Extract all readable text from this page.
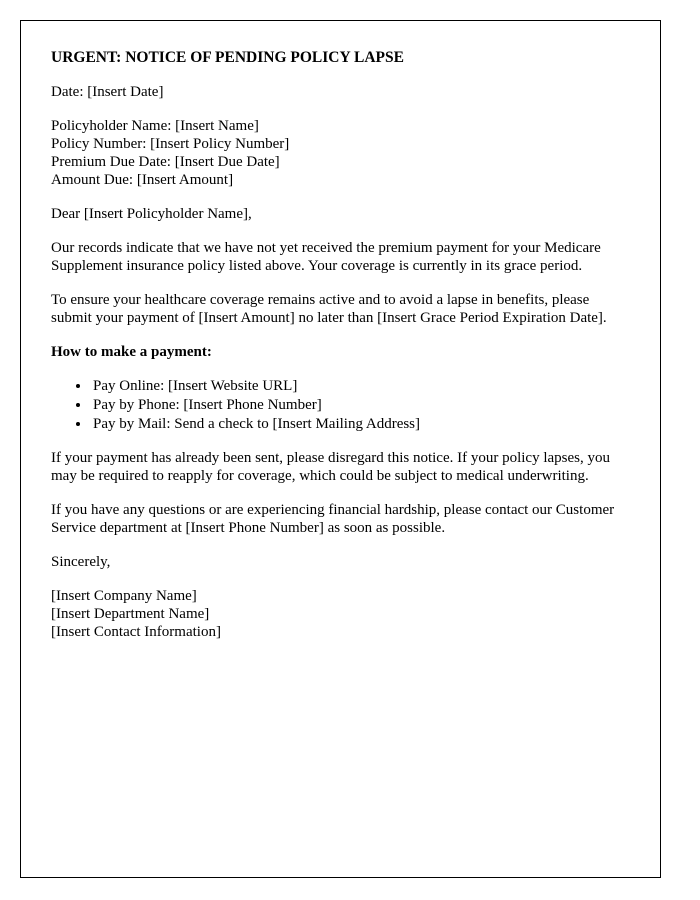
URGENT: NOTICE OF PENDING POLICY LAPSE

Date: [Insert Date]

Policyholder Name: [Insert Name]

Policy Number: [Insert Policy Number]

Premium Due Date: [Insert Due Date]

Amount Due: [Insert Amount]

Dear [Insert Policyholder Name],

Our records indicate that we have not yet received the premium payment for your Medicare Supplement insurance policy listed above. Your coverage is currently in its grace period.

To ensure your healthcare coverage remains active and to avoid a lapse in benefits, please submit your payment of [Insert Amount] no later than [Insert Grace Period Expiration Date].

How to make a payment:
• Pay Online: [Insert Website URL]
• Pay by Phone: [Insert Phone Number]
• Pay by Mail: Send a check to [Insert Mailing Address]

If your payment has already been sent, please disregard this notice. If your policy lapses, you may be required to reapply for coverage, which could be subject to medical underwriting.

If you have any questions or are experiencing financial hardship, please contact our Customer Service department at [Insert Phone Number] as soon as possible.

Sincerely,

[Insert Company Name]

[Insert Department Name]

[Insert Contact Information]
